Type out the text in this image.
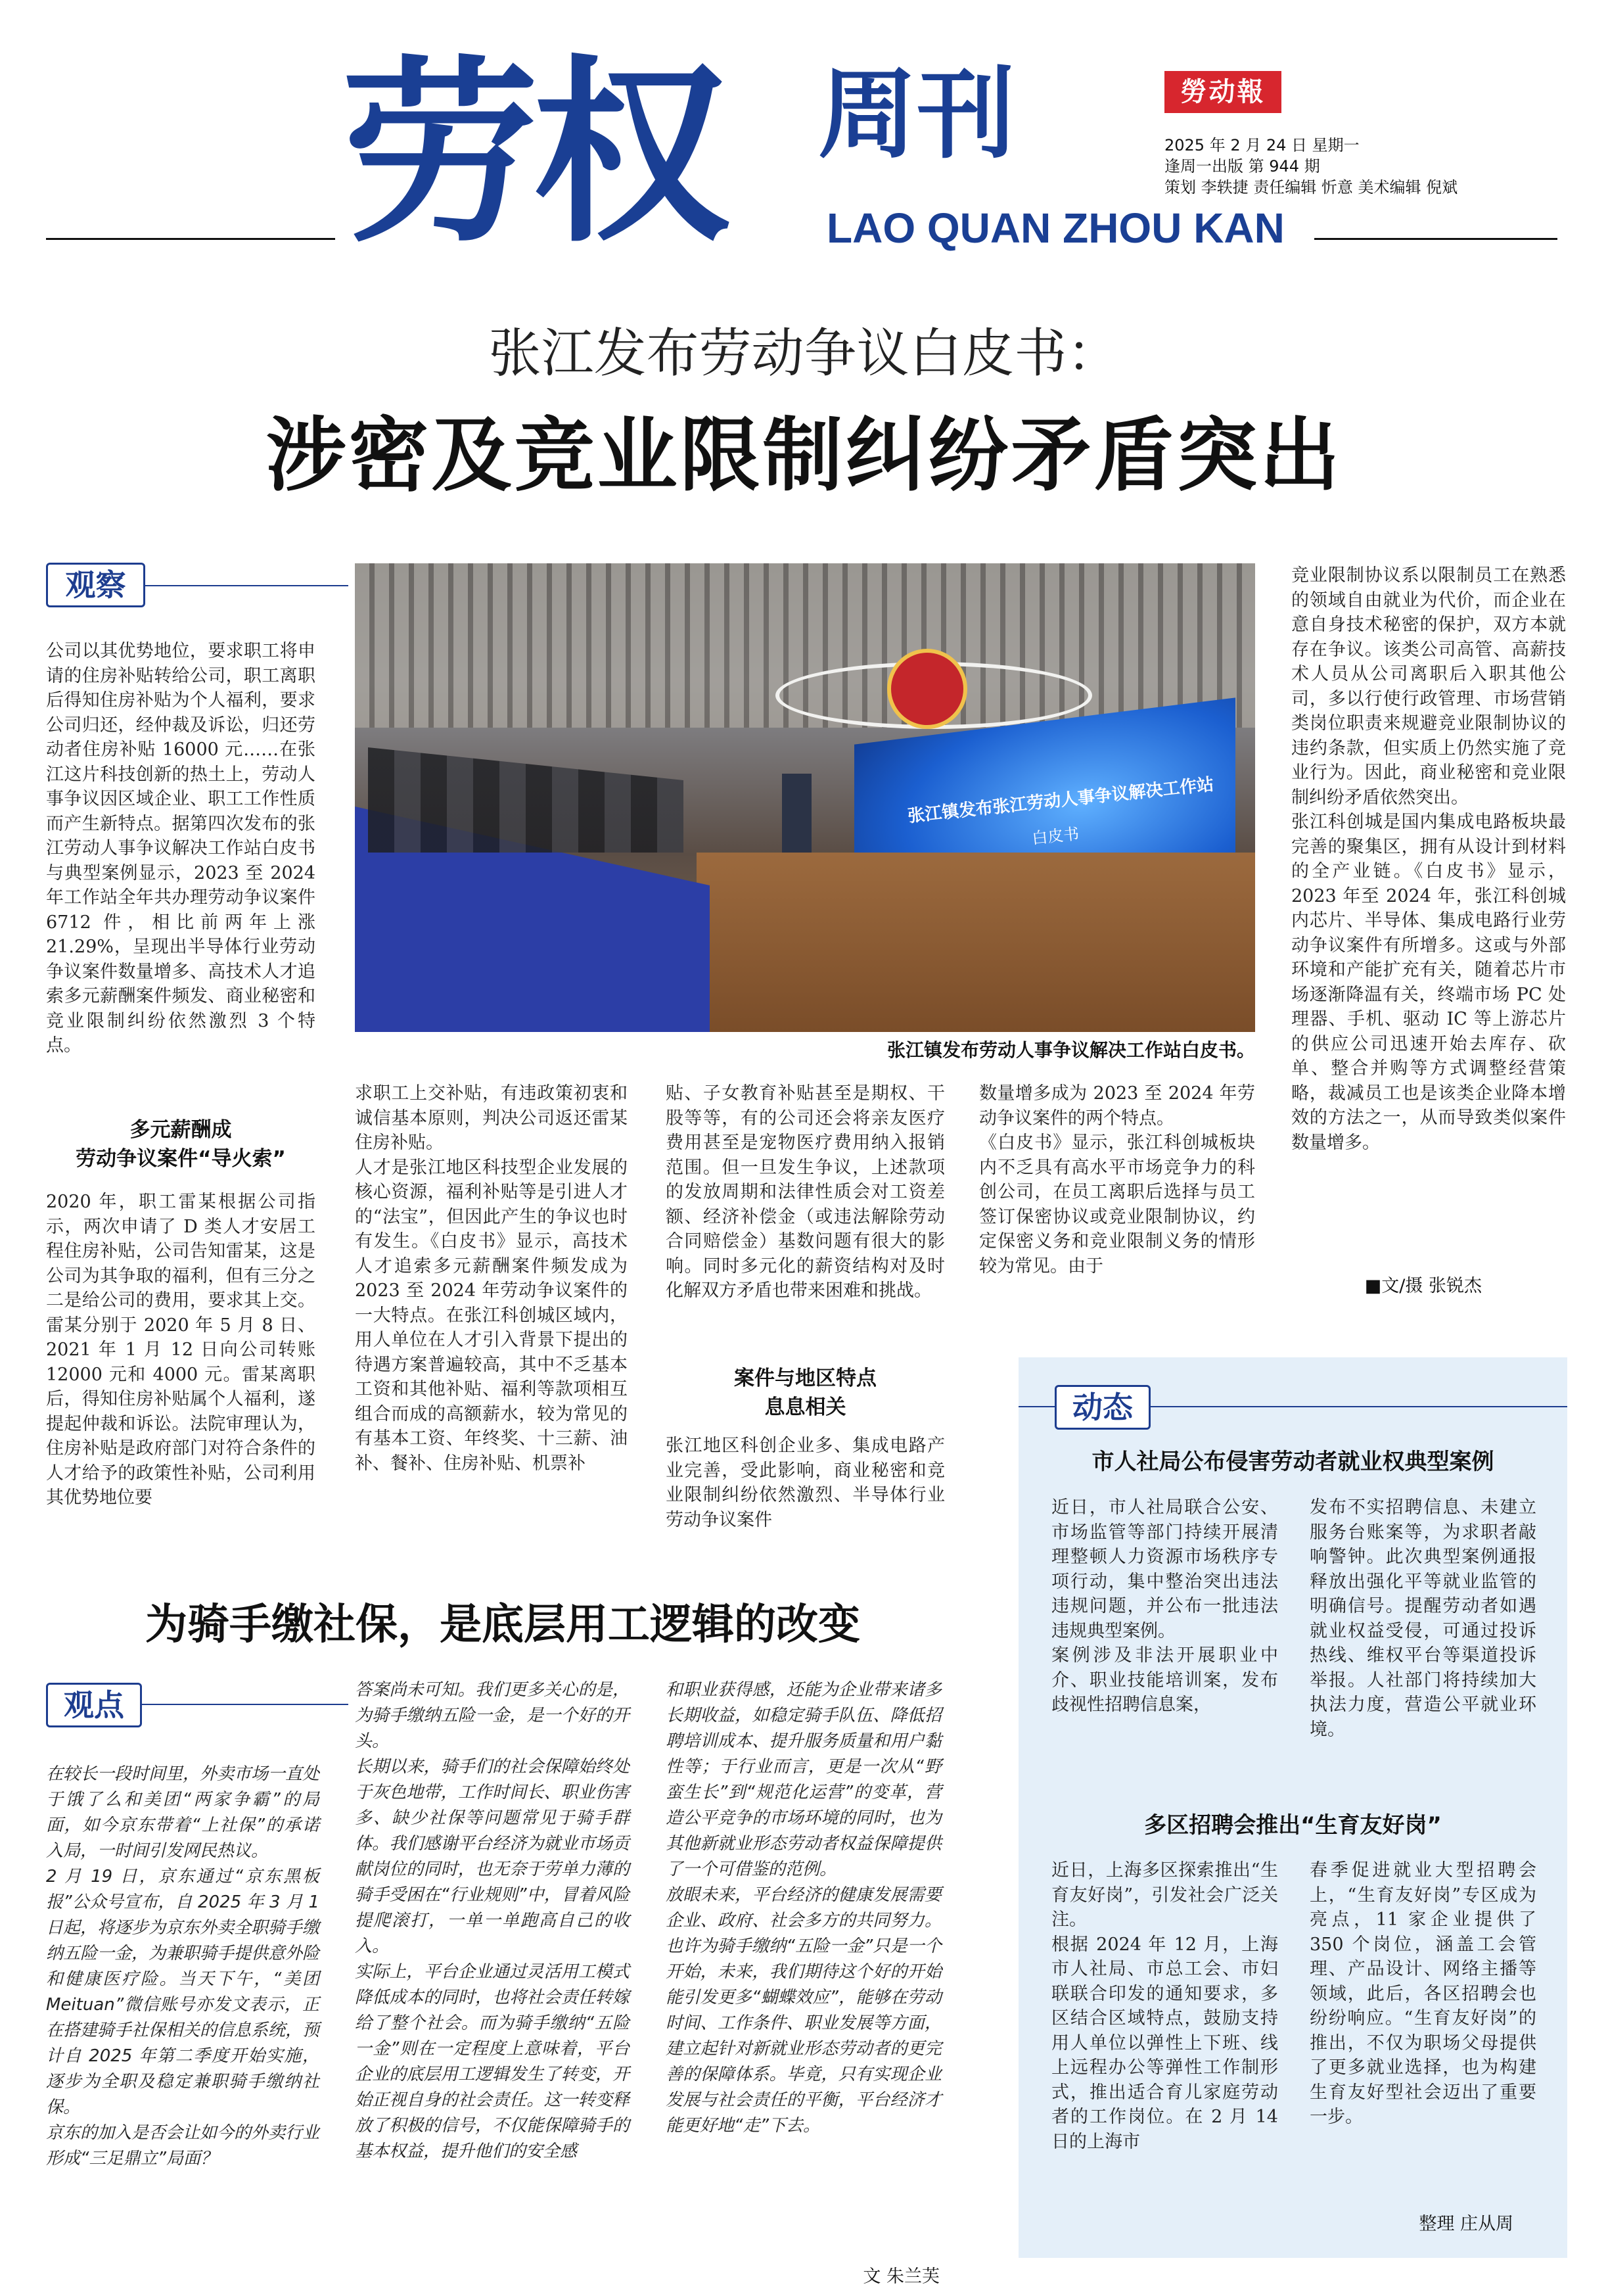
劳权 周刊
LAO QUAN ZHOU KAN
勞动報
2025 年 2 月 24 日 星期一
逢周一出版 第 944 期
策划 李轶捷 责任编辑 忻意 美术编辑 倪斌
张江发布劳动争议白皮书：
涉密及竞业限制纠纷矛盾突出
观察
张江镇发布张江劳动人事争议解决工作站
白皮书
张江镇发布劳动人事争议解决工作站白皮书。

公司以其优势地位，要求职工将申请的住房补贴转给公司，职工离职后得知住房补贴为个人福利，要求公司归还，经仲裁及诉讼，归还劳动者住房补贴 16000 元……在张江这片科技创新的热土上，劳动人事争议因区域企业、职工工作性质而产生新特点。据第四次发布的张江劳动人事争议解决工作站白皮书与典型案例显示，2023 至 2024 年工作站全年共办理劳动争议案件 6712 件，相比前两年上涨 21.29%，呈现出半导体行业劳动争议案件数量增多、高技术人才追索多元薪酬案件频发、商业秘密和竞业限制纠纷依然激烈 3 个特点。

多元薪酬成
劳动争议案件“导火索”

2020 年，职工雷某根据公司指示，两次申请了 D 类人才安居工程住房补贴，公司告知雷某，这是公司为其争取的福利，但有三分之二是给公司的费用，要求其上交。雷某分别于 2020 年 5 月 8 日、2021 年 1 月 12 日向公司转账 12000 元和 4000 元。雷某离职后，得知住房补贴属个人福利，遂提起仲裁和诉讼。法院审理认为，住房补贴是政府部门对符合条件的人才给予的政策性补贴，公司利用其优势地位要

求职工上交补贴，有违政策初衷和诚信基本原则，判决公司返还雷某住房补贴。
人才是张江地区科技型企业发展的核心资源，福利补贴等是引进人才的“法宝”，但因此产生的争议也时有发生。《白皮书》显示，高技术人才追索多元薪酬案件频发成为 2023 至 2024 年劳动争议案件的一大特点。在张江科创城区域内，用人单位在人才引入背景下提出的待遇方案普遍较高，其中不乏基本工资和其他补贴、福利等款项相互组合而成的高额薪水，较为常见的有基本工资、年终奖、十三薪、油补、餐补、住房补贴、机票补

贴、子女教育补贴甚至是期权、干股等等，有的公司还会将亲友医疗费用甚至是宠物医疗费用纳入报销范围。但一旦发生争议，上述款项的发放周期和法律性质会对工资差额、经济补偿金（或违法解除劳动合同赔偿金）基数问题有很大的影响。同时多元化的薪资结构对及时化解双方矛盾也带来困难和挑战。

案件与地区特点
息息相关

张江地区科创企业多、集成电路产业完善，受此影响，商业秘密和竞业限制纠纷依然激烈、半导体行业劳动争议案件

数量增多成为 2023 至 2024 年劳动争议案件的两个特点。
《白皮书》显示，张江科创城板块内不乏具有高水平市场竞争力的科创公司，在员工离职后选择与员工签订保密协议或竞业限制协议，约定保密义务和竞业限制义务的情形较为常见。由于

竞业限制协议系以限制员工在熟悉的领域自由就业为代价，而企业在意自身技术秘密的保护，双方本就存在争议。该类公司高管、高薪技术人员从公司离职后入职其他公司，多以行使行政管理、市场营销类岗位职责来规避竞业限制协议的违约条款，但实质上仍然实施了竞业行为。因此，商业秘密和竞业限制纠纷矛盾依然突出。
张江科创城是国内集成电路板块最完善的聚集区，拥有从设计到材料的全产业链。《白皮书》显示，2023 年至 2024 年，张江科创城内芯片、半导体、集成电路行业劳动争议案件有所增多。这或与外部环境和产能扩充有关，随着芯片市场逐渐降温有关，终端市场 PC 处理器、手机、驱动 IC 等上游芯片的供应公司迅速开始去库存、砍单、整合并购等方式调整经营策略，裁减员工也是该类企业降本增效的方法之一，从而导致类似案件数量增多。

■文/摄 张锐杰
为骑手缴社保，是底层用工逻辑的改变
观点

在较长一段时间里，外卖市场一直处于饿了么和美团“两家争霸”的局面，如今京东带着“上社保”的承诺入局，一时间引发网民热议。
2 月 19 日，京东通过“京东黑板报”公众号宣布，自 2025 年 3 月 1 日起，将逐步为京东外卖全职骑手缴纳五险一金，为兼职骑手提供意外险和健康医疗险。当天下午，“美团 Meituan”微信账号亦发文表示，正在搭建骑手社保相关的信息系统，预计自 2025 年第二季度开始实施，逐步为全职及稳定兼职骑手缴纳社保。
京东的加入是否会让如今的外卖行业形成“三足鼎立”局面？

答案尚未可知。我们更多关心的是，为骑手缴纳五险一金，是一个好的开头。
长期以来，骑手们的社会保障始终处于灰色地带，工作时间长、职业伤害多、缺少社保等问题常见于骑手群体。我们感谢平台经济为就业市场贡献岗位的同时，也无奈于劳单力薄的骑手受困在“行业规则”中，冒着风险提爬滚打，一单一单跑高自己的收入。
实际上，平台企业通过灵活用工模式降低成本的同时，也将社会责任转嫁给了整个社会。而为骑手缴纳“五险一金”则在一定程度上意味着，平台企业的底层用工逻辑发生了转变，开始正视自身的社会责任。这一转变释放了积极的信号，不仅能保障骑手的基本权益，提升他们的安全感

和职业获得感，还能为企业带来诸多长期收益，如稳定骑手队伍、降低招聘培训成本、提升服务质量和用户黏性等；于行业而言，更是一次从“野蛮生长”到“规范化运营”的变革，营造公平竞争的市场环境的同时，也为其他新就业形态劳动者权益保障提供了一个可借鉴的范例。
放眼未来，平台经济的健康发展需要企业、政府、社会多方的共同努力。也许为骑手缴纳“五险一金”只是一个开始，未来，我们期待这个好的开始能引发更多“蝴蝶效应”，能够在劳动时间、工作条件、职业发展等方面，建立起针对新就业形态劳动者的更完善的保障体系。毕竟，只有实现企业发展与社会责任的平衡，平台经济才能更好地“走”下去。

文 朱兰芙
动态
市人社局公布侵害劳动者就业权典型案例

近日，市人社局联合公安、市场监管等部门持续开展清理整顿人力资源市场秩序专项行动，集中整治突出违法违规问题，并公布一批违法违规典型案例。
案例涉及非法开展职业中介、职业技能培训案，发布歧视性招聘信息案，

发布不实招聘信息、未建立服务台账案等，为求职者敲响警钟。此次典型案例通报释放出强化平等就业监管的明确信号。提醒劳动者如遇就业权益受侵，可通过投诉热线、维权平台等渠道投诉举报。人社部门将持续加大执法力度，营造公平就业环境。

多区招聘会推出“生育友好岗”

近日，上海多区探索推出“生育友好岗”，引发社会广泛关注。
根据 2024 年 12 月，上海市人社局、市总工会、市妇联联合印发的通知要求，多区结合区域特点，鼓励支持用人单位以弹性上下班、线上远程办公等弹性工作制形式，推出适合育儿家庭劳动者的工作岗位。在 2 月 14 日的上海市

春季促进就业大型招聘会上，“生育友好岗”专区成为亮点，11 家企业提供了 350 个岗位，涵盖工会管理、产品设计、网络主播等领域，此后，各区招聘会也纷纷响应。“生育友好岗”的推出，不仅为职场父母提供了更多就业选择，也为构建生育友好型社会迈出了重要一步。

整理 庄从周
